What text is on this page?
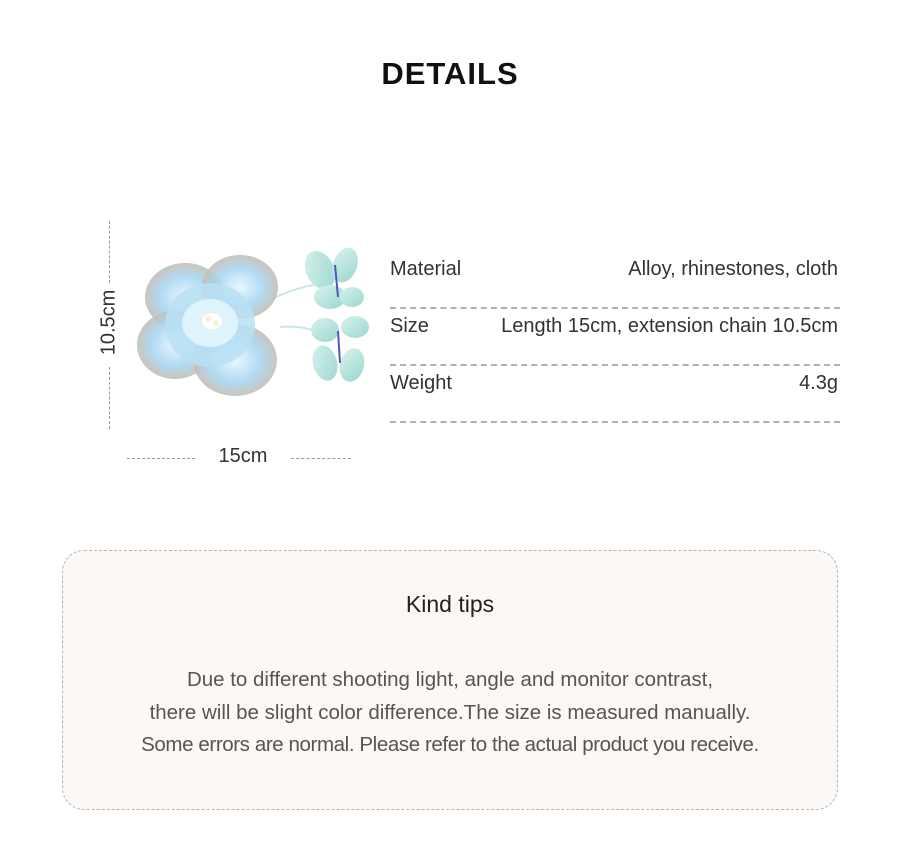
DETAILS
10.5cm
15cm
Material	Alloy, rhinestones, cloth
Size	Length 15cm, extension chain 10.5cm
Weight	4.3g
Kind tips
Due to different shooting light, angle and monitor contrast,
there will be slight color difference.The size is measured manually.
Some errors are normal. Please refer to the actual product you receive.
